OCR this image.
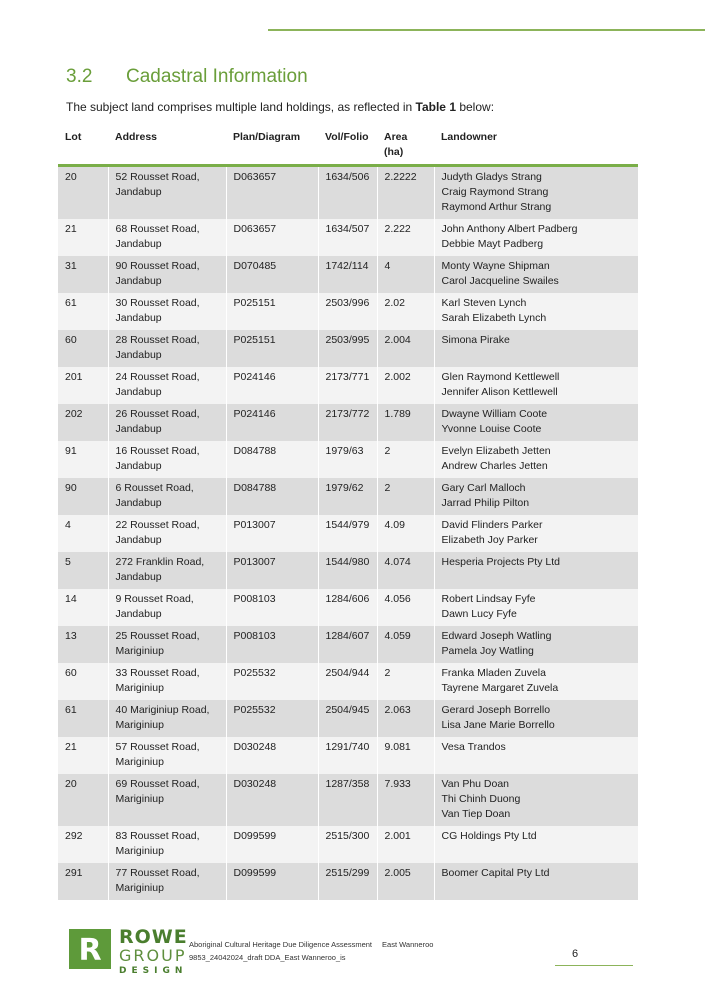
3.2	Cadastral Information
The subject land comprises multiple land holdings, as reflected in Table 1 below:
Lot	Address	Plan/Diagram	Vol/Folio	Area (ha)	Landowner
20	52 Rousset Road,
Jandabup	D063657	1634/506	2.2222	Judyth Gladys Strang
Craig Raymond Strang
Raymond Arthur Strang

21	68 Rousset Road,
Jandabup	D063657	1634/507	2.222	John Anthony Albert Padberg
Debbie Mayt Padberg

31	90 Rousset Road,
Jandabup	D070485	1742/114	4	Monty Wayne Shipman
Carol Jacqueline Swailes

61	30 Rousset Road,
Jandabup	P025151	2503/996	2.02	Karl Steven Lynch
Sarah Elizabeth Lynch

60	28 Rousset Road,
Jandabup	P025151	2503/995	2.004	Simona Pirake

201	24 Rousset Road,
Jandabup	P024146	2173/771	2.002	Glen Raymond Kettlewell
Jennifer Alison Kettlewell

202	26 Rousset Road,
Jandabup	P024146	2173/772	1.789	Dwayne William Coote
Yvonne Louise Coote

91	16 Rousset Road,
Jandabup	D084788	1979/63	2	Evelyn Elizabeth Jetten
Andrew Charles Jetten

90	6 Rousset Road,
Jandabup	D084788	1979/62	2	Gary Carl Malloch
Jarrad Philip Pilton

4	22 Rousset Road,
Jandabup	P013007	1544/979	4.09	David Flinders Parker
Elizabeth Joy Parker

5	272 Franklin Road,
Jandabup	P013007	1544/980	4.074	Hesperia Projects Pty Ltd

14	9 Rousset Road,
Jandabup	P008103	1284/606	4.056	Robert Lindsay Fyfe
Dawn Lucy Fyfe

13	25 Rousset Road,
Mariginiup	P008103	1284/607	4.059	Edward Joseph Watling
Pamela Joy Watling

60	33 Rousset Road,
Mariginiup	P025532	2504/944	2	Franka Mladen Zuvela
Tayrene Margaret Zuvela

61	40 Mariginiup Road,
Mariginiup	P025532	2504/945	2.063	Gerard Joseph Borrello
Lisa Jane Marie Borrello

21	57 Rousset Road,
Mariginiup	D030248	1291/740	9.081	Vesa Trandos

20	69 Rousset Road,
Mariginiup	D030248	1287/358	7.933	Van Phu Doan
Thi Chinh Duong
Van Tiep Doan

292	83 Rousset Road,
Mariginiup	D099599	2515/300	2.001	CG Holdings Pty Ltd

291	77 Rousset Road,
Mariginiup	D099599	2515/299	2.005	Boomer Capital Pty Ltd
R ROWE
GROUP
DESIGN
Aboriginal Cultural Heritage Due Diligence Assessment East Wanneroo
9853_24042024_draft DDA_East Wanneroo_is	6
